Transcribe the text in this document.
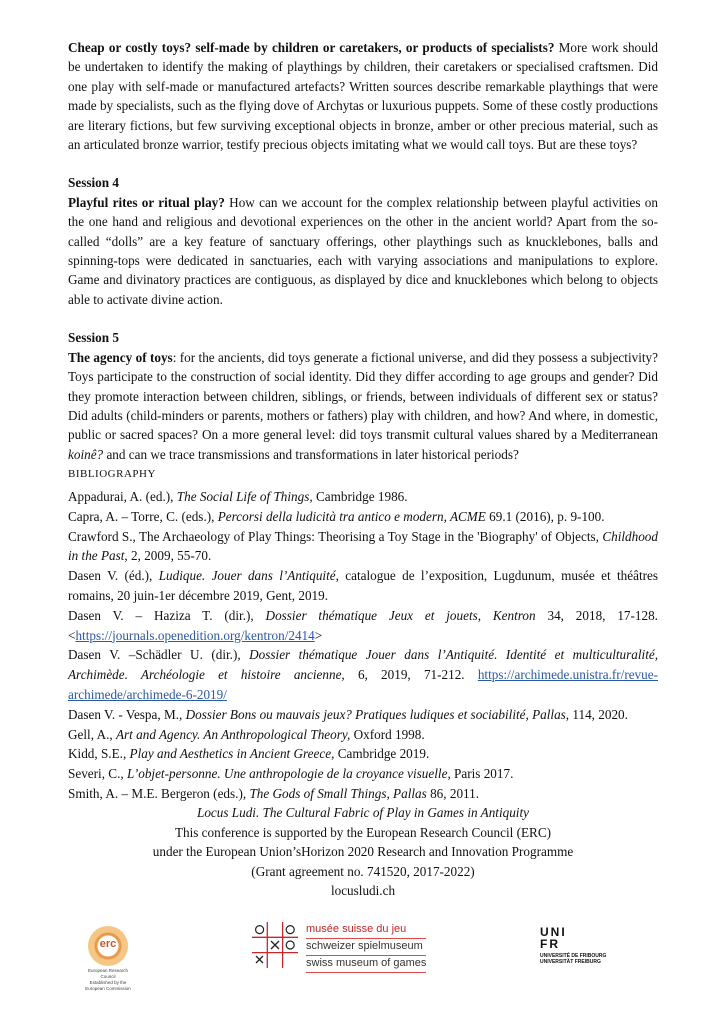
Cheap or costly toys? self-made by children or caretakers, or products of specialists? More work should be undertaken to identify the making of playthings by children, their caretakers or specialised craftsmen. Did one play with self-made or manufactured artefacts? Written sources describe remarkable playthings that were made by specialists, such as the flying dove of Archytas or luxurious puppets. Some of these costly productions are literary fictions, but few surviving exceptional objects in bronze, amber or other precious material, such as an articulated bronze warrior, testify precious objects imitating what we would call toys. But are these toys?

Session 4

Playful rites or ritual play? How can we account for the complex relationship between playful activities on the one hand and religious and devotional experiences on the other in the ancient world? Apart from the so-called “dolls” are a key feature of sanctuary offerings, other playthings such as knucklebones, balls and spinning-tops were dedicated in sanctuaries, each with varying associations and manipulations to explore. Game and divinatory practices are contiguous, as displayed by dice and knucklebones which belong to objects able to activate divine action.

Session 5

The agency of toys: for the ancients, did toys generate a fictional universe, and did they possess a subjectivity? Toys participate to the construction of social identity. Did they differ according to age groups and gender? Did they promote interaction between children, siblings, or friends, between individuals of different sex or status? Did adults (child-minders or parents, mothers or fathers) play with children, and how? And where, in domestic, public or sacred spaces? On a more general level: did toys transmit cultural values shared by a Mediterranean koinê? and can we trace transmissions and transformations in later historical periods?

BIBLIOGRAPHY
Appadurai, A. (ed.), The Social Life of Things, Cambridge 1986.
Capra, A. – Torre, C. (eds.), Percorsi della ludicità tra antico e modern, ACME 69.1 (2016), p. 9-100.
Crawford S., The Archaeology of Play Things: Theorising a Toy Stage in the 'Biography' of Objects, Childhood in the Past, 2, 2009, 55-70.
Dasen V. (éd.), Ludique. Jouer dans l’Antiquité, catalogue de l’exposition, Lugdunum, musée et théâtres romains, 20 juin-1er décembre 2019, Gent, 2019.
Dasen V. – Haziza T. (dir.), Dossier thématique Jeux et jouets, Kentron 34, 2018, 17-128. <https://journals.openedition.org/kentron/2414>
Dasen V. –Schädler U. (dir.), Dossier thématique Jouer dans l’Antiquité. Identité et multiculturalité, Archimède. Archéologie et histoire ancienne, 6, 2019, 71-212. https://archimede.unistra.fr/revue-archimede/archimede-6-2019/
Dasen V. - Vespa, M., Dossier Bons ou mauvais jeux? Pratiques ludiques et sociabilité, Pallas, 114, 2020.
Gell, A., Art and Agency. An Anthropological Theory, Oxford 1998.
Kidd, S.E., Play and Aesthetics in Ancient Greece, Cambridge 2019.
Severi, C., L’objet-personne. Une anthropologie de la croyance visuelle, Paris 2017.
Smith, A. – M.E. Bergeron (eds.), The Gods of Small Things, Pallas 86, 2011.
Locus Ludi. The Cultural Fabric of Play in Games in Antiquity
This conference is supported by the European Research Council (ERC)
under the European Union’sHorizon 2020 Research and Innovation Programme
(Grant agreement no. 741520, 2017-2022)
locusludi.ch
erc
European Research Council
Established by the European Commission
musée suisse du jeu
schweizer spielmuseum
swiss museum of games
UNI
FR
UNIVERSITÉ DE FRIBOURG
UNIVERSITÄT FREIBURG
